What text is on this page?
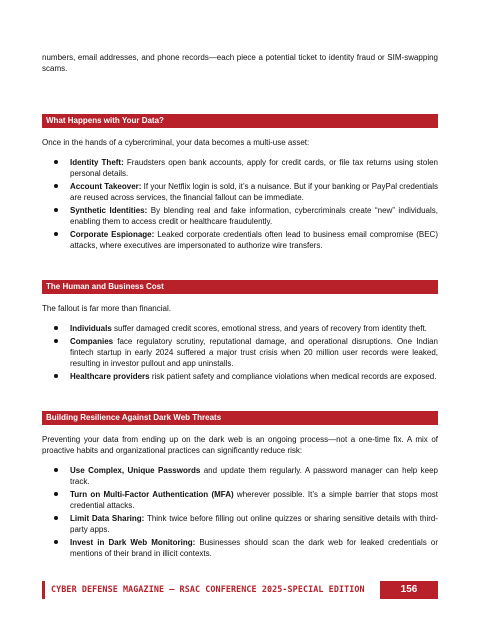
numbers, email addresses, and phone records—each piece a potential ticket to identity fraud or SIM-swapping scams.

What Happens with Your Data?

Once in the hands of a cybercriminal, your data becomes a multi-use asset:

Identity Theft: Fraudsters open bank accounts, apply for credit cards, or file tax returns using stolen personal details.
Account Takeover: If your Netflix login is sold, it’s a nuisance. But if your banking or PayPal credentials are reused across services, the financial fallout can be immediate.
Synthetic Identities: By blending real and fake information, cybercriminals create “new” individuals, enabling them to access credit or healthcare fraudulently.
Corporate Espionage: Leaked corporate credentials often lead to business email compromise (BEC) attacks, where executives are impersonated to authorize wire transfers.
The Human and Business Cost

The fallout is far more than financial.

Individuals suffer damaged credit scores, emotional stress, and years of recovery from identity theft.
Companies face regulatory scrutiny, reputational damage, and operational disruptions. One Indian fintech startup in early 2024 suffered a major trust crisis when 20 million user records were leaked, resulting in investor pullout and app uninstalls.
Healthcare providers risk patient safety and compliance violations when medical records are exposed.
Building Resilience Against Dark Web Threats

Preventing your data from ending up on the dark web is an ongoing process—not a one-time fix. A mix of proactive habits and organizational practices can significantly reduce risk:

Use Complex, Unique Passwords and update them regularly. A password manager can help keep track.
Turn on Multi-Factor Authentication (MFA) wherever possible. It’s a simple barrier that stops most credential attacks.
Limit Data Sharing: Think twice before filling out online quizzes or sharing sensitive details with third-party apps.
Invest in Dark Web Monitoring: Businesses should scan the dark web for leaked credentials or mentions of their brand in illicit contexts.
CYBER DEFENSE MAGAZINE – RSAC CONFERENCE 2025-SPECIAL EDITION	156
